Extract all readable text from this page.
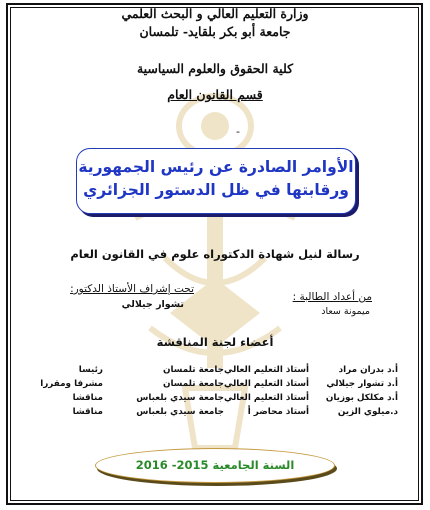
وزارة التعليم العالي و البحث العلمي
جامعة أبو بكر بلقايد- تلمسان
كلية الحقوق والعلوم السياسية
قسم القانون العام
-
الأوامر الصادرة عن رئيس الجمهورية
ورقابتها في ظل الدستور الجزائري
رسالة لنيل شهادة الدكتوراه علوم في القانون العام
من أعداد الطالبة :
ميمونة سعاد
تحت إشراف الأستاذ الدكتور:
تشوار جيلالي
أعضاء لجنة المناقشة
أ.د بدران مراد
أستاذ التعليم العالي
جامعة تلمسان
رئيسا
أ.د تشوار جيلالي
أستاذ التعليم العالي
جامعة تلمسان
مشرفا ومقررا
أ.د مكلكل بوزيان
أستاذ التعليم العالي
جامعة سيدي بلعباس
مناقشا
د.ميلوي الزين
أستاذ محاضر أ
جامعة سيدي بلعباس
مناقشا
السنة الجامعية 2015- 2016
